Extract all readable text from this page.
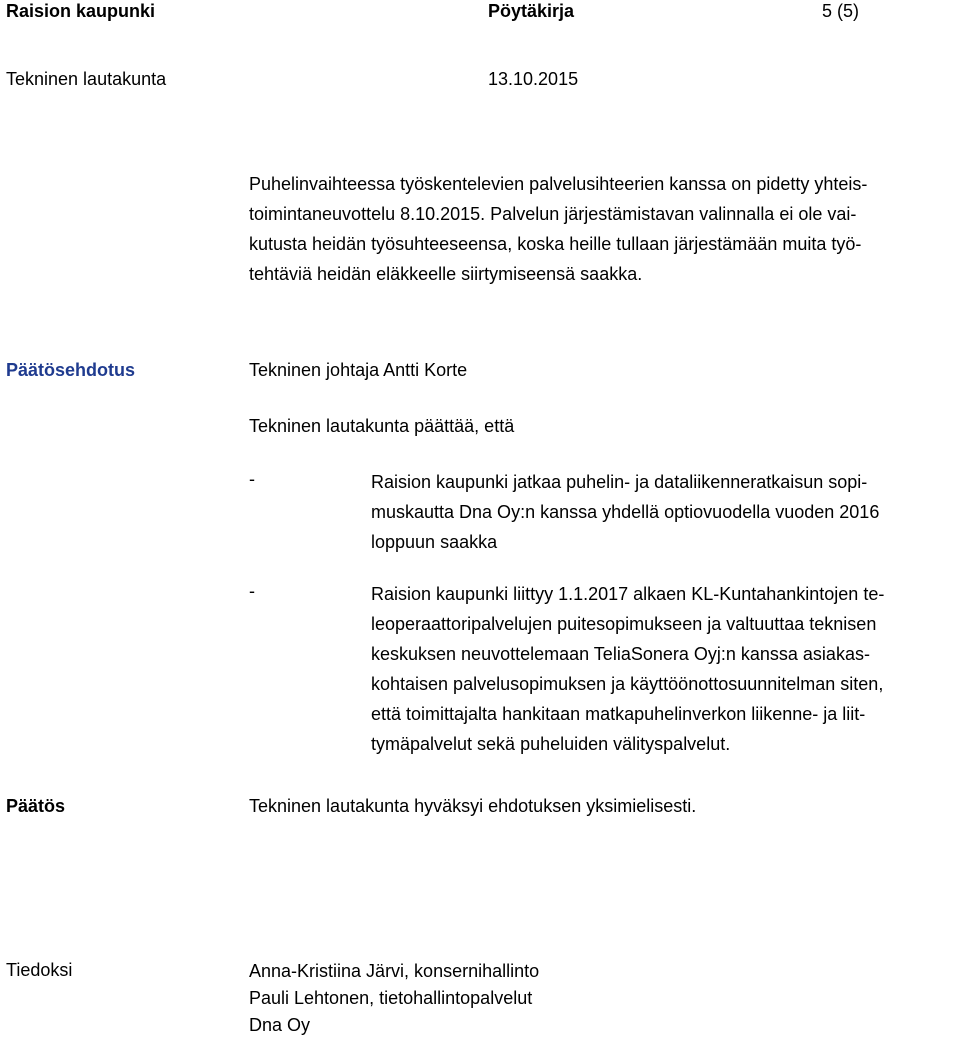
Raision kaupunki	Pöytäkirja	5 (5)
Tekninen lautakunta	13.10.2015
Puhelinvaihteessa työskentelevien palvelusihteerien kanssa on pidetty yhteis-
toimintaneuvottelu 8.10.2015. Palvelun järjestämistavan valinnalla ei ole vai-
kutusta heidän työsuhteeseensa, koska heille tullaan järjestämään muita työ-
tehtäviä heidän eläkkeelle siirtymiseensä saakka.
Päätösehdotus	Tekninen johtaja Antti Korte
Tekninen lautakunta päättää, että
-	Raision kaupunki jatkaa puhelin- ja dataliikenneratkaisun sopi-
muskautta Dna Oy:n kanssa yhdellä optiovuodella vuoden 2016
loppuun saakka
-	Raision kaupunki liittyy 1.1.2017 alkaen KL-Kuntahankintojen te-
leoperaattoripalvelujen puitesopimukseen ja valtuuttaa teknisen
keskuksen neuvottelemaan TeliaSonera Oyj:n kanssa asiakas-
kohtaisen palvelusopimuksen ja käyttöönottosuunnitelman siten,
että toimittajalta hankitaan matkapuhelinverkon liikenne- ja liit-
tymäpalvelut sekä puheluiden välityspalvelut.
Päätös	Tekninen lautakunta hyväksyi ehdotuksen yksimielisesti.
Tiedoksi	Anna-Kristiina Järvi, konsernihallinto
Pauli Lehtonen, tietohallintopalvelut
Dna Oy
